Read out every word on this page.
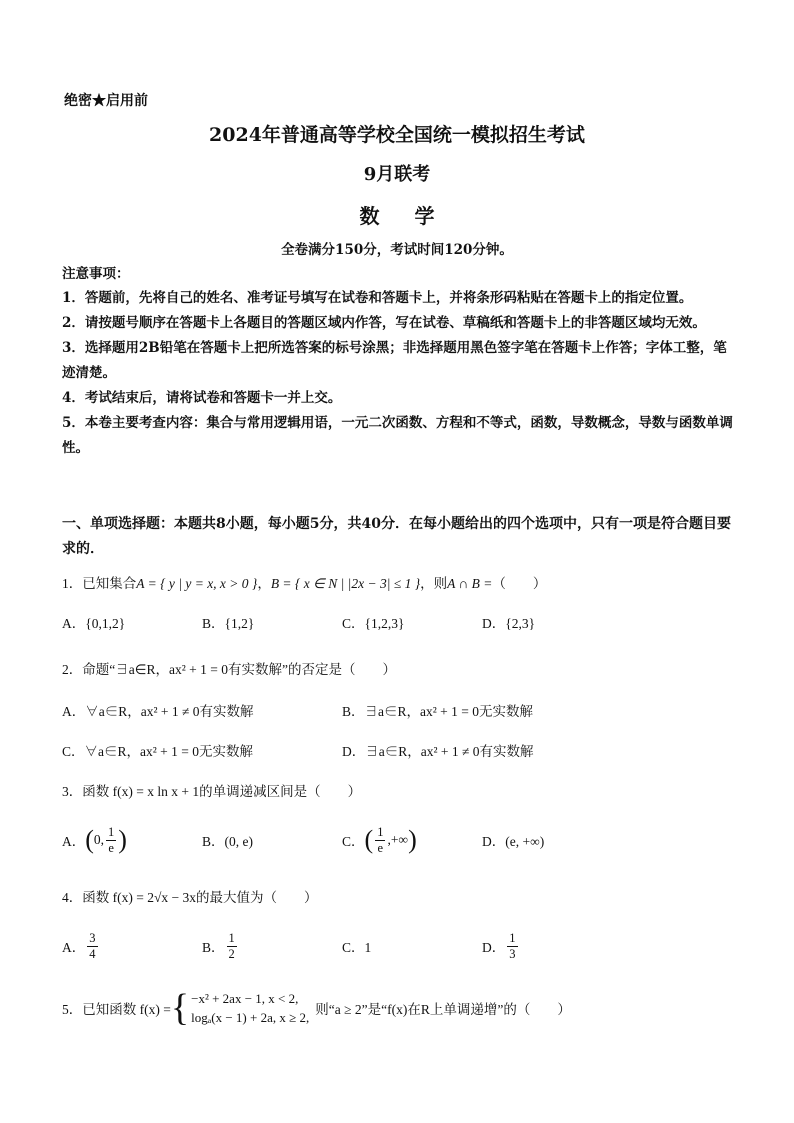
绝密★启用前
2024年普通高等学校全国统一模拟招生考试
9月联考
数 学
全卷满分150分，考试时间120分钟。
注意事项：
1．答题前，先将自己的姓名、准考证号填写在试卷和答题卡上，并将条形码粘贴在答题卡上的指定位置。
2．请按题号顺序在答题卡上各题目的答题区域内作答，写在试卷、草稿纸和答题卡上的非答题区域均无效。
3．选择题用2B铅笔在答题卡上把所选答案的标号涂黑；非选择题用黑色签字笔在答题卡上作答；字体工整，笔迹清楚。
4．考试结束后，请将试卷和答题卡一并上交。
5．本卷主要考查内容：集合与常用逻辑用语，一元二次函数、方程和不等式，函数，导数概念，导数与函数单调性。
一、单项选择题：本题共8小题，每小题5分，共40分．在每小题给出的四个选项中，只有一项是符合题目要求的．
1．已知集合A = { y | y = x, x > 0 }，B = { x ∈ N | |2x − 3| ≤ 1 }，则A ∩ B =（　　）
A．{0,1,2}	B．{1,2}	C．{1,2,3}	D．{2,3}
2．命题“∃a∈R，ax² + 1 = 0有实数解”的否定是（　　）
A．∀a∈R，ax² + 1 ≠ 0有实数解	B．∃a∈R，ax² + 1 = 0无实数解
C．∀a∈R，ax² + 1 = 0无实数解	D．∃a∈R，ax² + 1 ≠ 0有实数解
3．函数 f(x) = x ln x + 1的单调递减区间是（　　）
A． ( 0, $\frac{1}{e}$ )	B．(0, e)	C． ( $\frac{1}{e}$ ,+∞ )	D．(e, +∞)
4．函数 f(x) = 2√x − 3x的最大值为（　　）
A． $\frac{3}{4}$	B． $\frac{1}{2}$	C．1	D． $\frac{1}{3}$
5．已知函数 f(x) = { −x² + 2ax − 1, x < 2,
logₐ(x − 1) + 2a, x ≥ 2,
则“a ≥ 2”是“f(x)在R上单调递增”的（　　）
